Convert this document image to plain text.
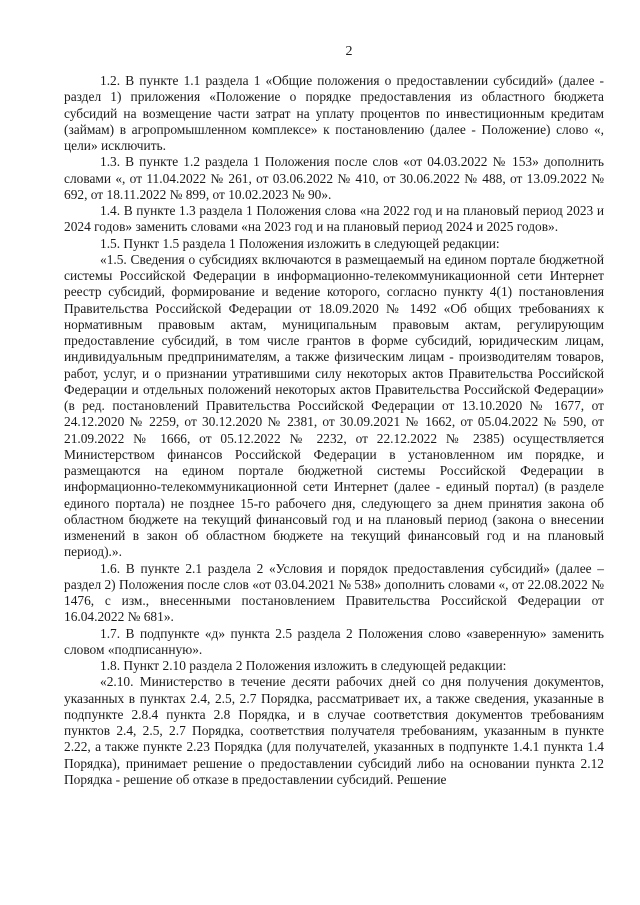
2

1.2. В пункте 1.1 раздела 1 «Общие положения о предоставлении субсидий» (далее - раздел 1) приложения «Положение о порядке предоставления из областного бюджета субсидий на возмещение части затрат на уплату процентов по инвестиционным кредитам (займам) в агропромышленном комплексе» к постановлению (далее - Положение) слово «, цели» исключить.

1.3. В пункте 1.2 раздела 1 Положения после слов «от 04.03.2022 № 153» дополнить словами «, от 11.04.2022 № 261, от 03.06.2022 № 410, от 30.06.2022 № 488, от 13.09.2022 № 692, от 18.11.2022 № 899, от 10.02.2023 № 90».

1.4. В пункте 1.3 раздела 1 Положения слова «на 2022 год и на плановый период 2023 и 2024 годов» заменить словами «на 2023 год и на плановый период 2024 и 2025 годов».

1.5. Пункт 1.5 раздела 1 Положения изложить в следующей редакции:

«1.5. Сведения о субсидиях включаются в размещаемый на едином портале бюджетной системы Российской Федерации в информационно-телекоммуникационной сети Интернет реестр субсидий, формирование и ведение которого, согласно пункту 4(1) постановления Правительства Российской Федерации от 18.09.2020 № 1492 «Об общих требованиях к нормативным правовым актам, муниципальным правовым актам, регулирующим предоставление субсидий, в том числе грантов в форме субсидий, юридическим лицам, индивидуальным предпринимателям, а также физическим лицам - производителям товаров, работ, услуг, и о признании утратившими силу некоторых актов Правительства Российской Федерации и отдельных положений некоторых актов Правительства Российской Федерации» (в ред. постановлений Правительства Российской Федерации от 13.10.2020 № 1677, от 24.12.2020 № 2259, от 30.12.2020 № 2381, от 30.09.2021 № 1662, от 05.04.2022 № 590, от 21.09.2022 № 1666, от 05.12.2022 № 2232, от 22.12.2022 № 2385) осуществляется Министерством финансов Российской Федерации в установленном им порядке, и размещаются на едином портале бюджетной системы Российской Федерации в информационно-телекоммуникационной сети Интернет (далее - единый портал) (в разделе единого портала) не позднее 15-го рабочего дня, следующего за днем принятия закона об областном бюджете на текущий финансовый год и на плановый период (закона о внесении изменений в закон об областном бюджете на текущий финансовый год и на плановый период).».

1.6. В пункте 2.1 раздела 2 «Условия и порядок предоставления субсидий» (далее – раздел 2) Положения после слов «от 03.04.2021 № 538» дополнить словами «, от 22.08.2022 № 1476, с изм., внесенными постановлением Правительства Российской Федерации от 16.04.2022 № 681».

1.7. В подпункте «д» пункта 2.5 раздела 2 Положения слово «заверенную» заменить словом «подписанную».

1.8. Пункт 2.10 раздела 2 Положения изложить в следующей редакции:

«2.10. Министерство в течение десяти рабочих дней со дня получения документов, указанных в пунктах 2.4, 2.5, 2.7 Порядка, рассматривает их, а также сведения, указанные в подпункте 2.8.4 пункта 2.8 Порядка, и в случае соответствия документов требованиям пунктов 2.4, 2.5, 2.7 Порядка, соответствия получателя требованиям, указанным в пункте 2.22, а также пункте 2.23 Порядка (для получателей, указанных в подпункте 1.4.1 пункта 1.4 Порядка), принимает решение о предоставлении субсидий либо на основании пункта 2.12 Порядка - решение об отказе в предоставлении субсидий. Решение
